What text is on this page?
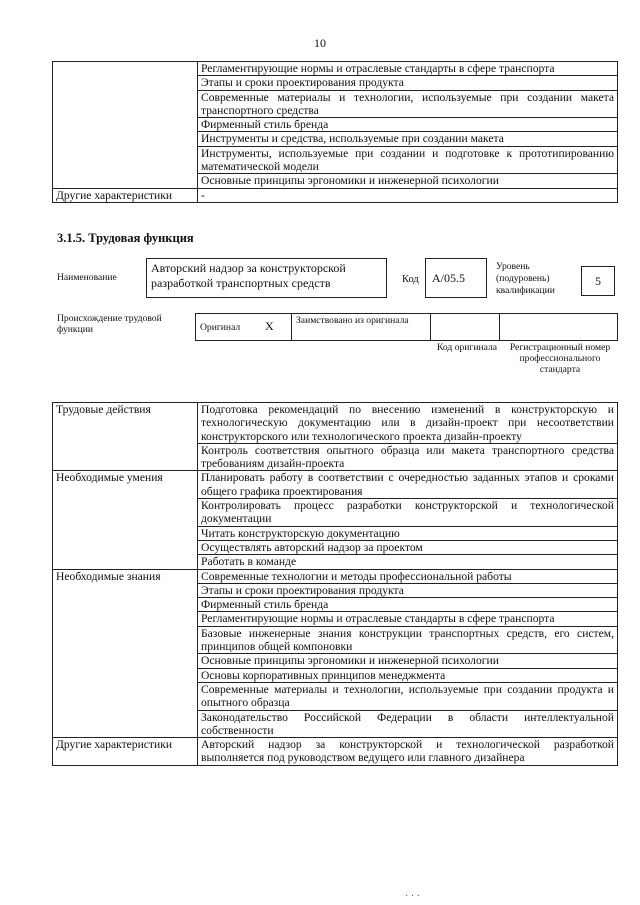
10
	Регламентирующие нормы и отраслевые стандарты в сфере транспорта
	Этапы и сроки проектирования продукта
	Современные материалы и технологии, используемые при создании макета транспортного средства
	Фирменный стиль бренда
	Инструменты и средства, используемые при создании макета
	Инструменты, используемые при создании и подготовке к прототипированию математической модели
	Основные принципы эргономики и инженерной психологии
Другие характеристики	-
3.1.5. Трудовая функция
Наименование
Авторский надзор за конструкторской разработкой транспортных средств	Код	A/05.5
Уровень (подуровень) квалификации
5
Происхождение трудовой функции	Оригинал X Заимствовано из оригинала
Код оригинала	Регистрационный номер профессионального стандарта
Трудовые действия	Подготовка рекомендаций по внесению изменений в конструкторскую и технологическую документацию или в дизайн-проект при несоответствии конструкторского или технологического проекта дизайн-проекту
	Контроль соответствия опытного образца или макета транспортного средства требованиям дизайн-проекта
Необходимые умения	Планировать работу в соответствии с очередностью заданных этапов и сроками общего графика проектирования
	Контролировать процесс разработки конструкторской и технологической документации
	Читать конструкторскую документацию
	Осуществлять авторский надзор за проектом
	Работать в команде
Необходимые знания	Современные технологии и методы профессиональной работы
	Этапы и сроки проектирования продукта
	Фирменный стиль бренда
	Регламентирующие нормы и отраслевые стандарты в сфере транспорта
	Базовые инженерные знания конструкции транспортных средств, его систем, принципов общей компоновки
	Основные принципы эргономики и инженерной психологии
	Основы корпоративных принципов менеджмента
	Современные материалы и технологии, используемые при создании продукта и опытного образца
	Законодательство Российской Федерации в области интеллектуальной собственности
Другие характеристики	Авторский надзор за конструкторской и технологической разработкой выполняется под руководством ведущего или главного дизайнера
· · ·
